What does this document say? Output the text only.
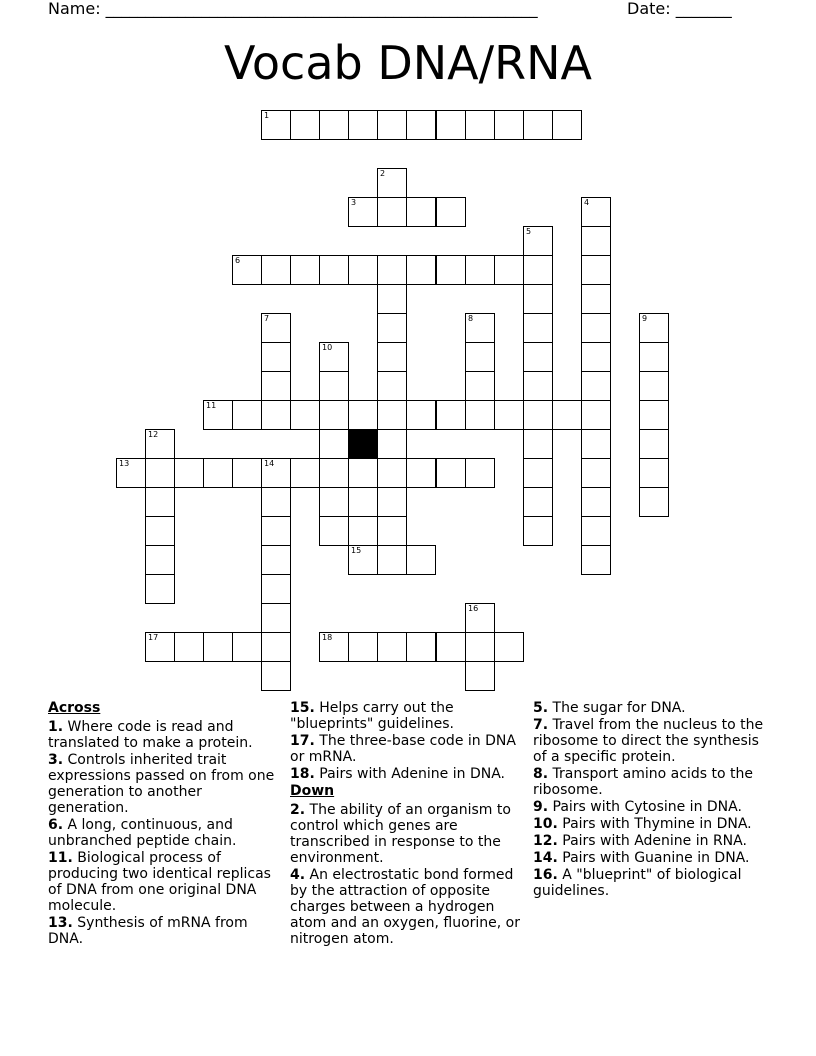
Name: ______________________________________________________	Date: _______
Vocab DNA/RNA
1
2
3	4
5
6
7	8	9
10
11
12
13	14
15
16
17	18
Across
1. Where code is read and translated to make a protein.
3. Controls inherited trait expressions passed on from one generation to another generation.
6. A long, continuous, and unbranched peptide chain.
11. Biological process of producing two identical replicas of DNA from one original DNA molecule.
13. Synthesis of mRNA from DNA.
15. Helps carry out the "blueprints" guidelines.
17. The three-base code in DNA or mRNA.
18. Pairs with Adenine in DNA.
Down
2. The ability of an organism to control which genes are transcribed in response to the environment.
4. An electrostatic bond formed by the attraction of opposite charges between a hydrogen atom and an oxygen, fluorine, or nitrogen atom.
5. The sugar for DNA.
7. Travel from the nucleus to the ribosome to direct the synthesis of a specific protein.
8. Transport amino acids to the ribosome.
9. Pairs with Cytosine in DNA.
10. Pairs with Thymine in DNA.
12. Pairs with Adenine in RNA.
14. Pairs with Guanine in DNA.
16. A "blueprint" of biological guidelines.
